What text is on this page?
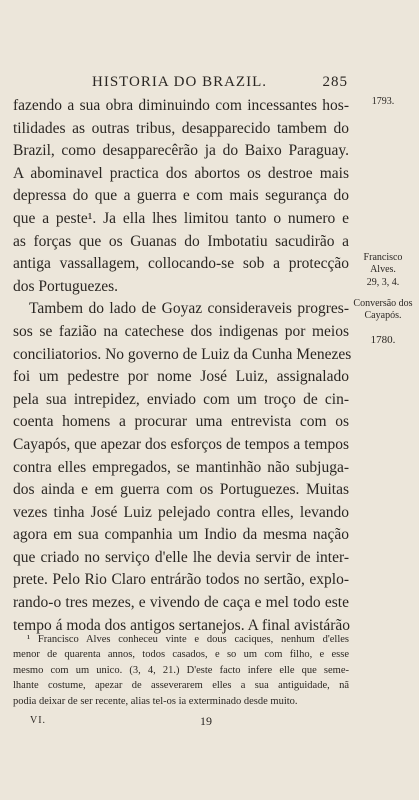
HISTORIA DO BRAZIL.	285
1793.
Francisco Alves.
29, 3, 4.
Conversão dos Cayapós.
1780.
fazendo a sua obra diminuindo com incessantes hos-
tilidades as outras tribus, desapparecido tambem do
Brazil, como desapparecêrão ja do Baixo Paraguay.
A abominavel practica dos abortos os destroe mais
depressa do que a guerra e com mais segurança do
que a peste¹. Ja ella lhes limitou tanto o numero e
as forças que os Guanas do Imbotatiu sacudirão a
antiga vassallagem, collocando-se sob a protecção
dos Portuguezes.
Tambem do lado de Goyaz consideraveis progres-
sos se fazião na catechese dos indigenas por meios
conciliatorios. No governo de Luiz da Cunha Menezes
foi um pedestre por nome José Luiz, assignalado
pela sua intrepidez, enviado com um troço de cin-
coenta homens a procurar uma entrevista com os
Cayapós, que apezar dos esforços de tempos a tempos
contra elles empregados, se mantinhão não subjuga-
dos ainda e em guerra com os Portuguezes. Muitas
vezes tinha José Luiz pelejado contra elles, levando
agora em sua companhia um Indio da mesma nação
que criado no serviço d'elle lhe devia servir de inter-
prete. Pelo Rio Claro entrárão todos no sertão, explo-
rando-o tres mezes, e vivendo de caça e mel todo este
tempo á moda dos antigos sertanejos. A final avistárão
¹ Francisco Alves conheceu vinte e dous caciques, nenhum d'elles
menor de quarenta annos, todos casados, e so um com filho, e esse
mesmo com um unico. (3, 4, 21.) D'este facto infere elle que seme-
lhante costume, apezar de asseverarem elles a sua antiguidade, nã
podia deixar de ser recente, alias tel-os ia exterminado desde muito.
VI.	19
